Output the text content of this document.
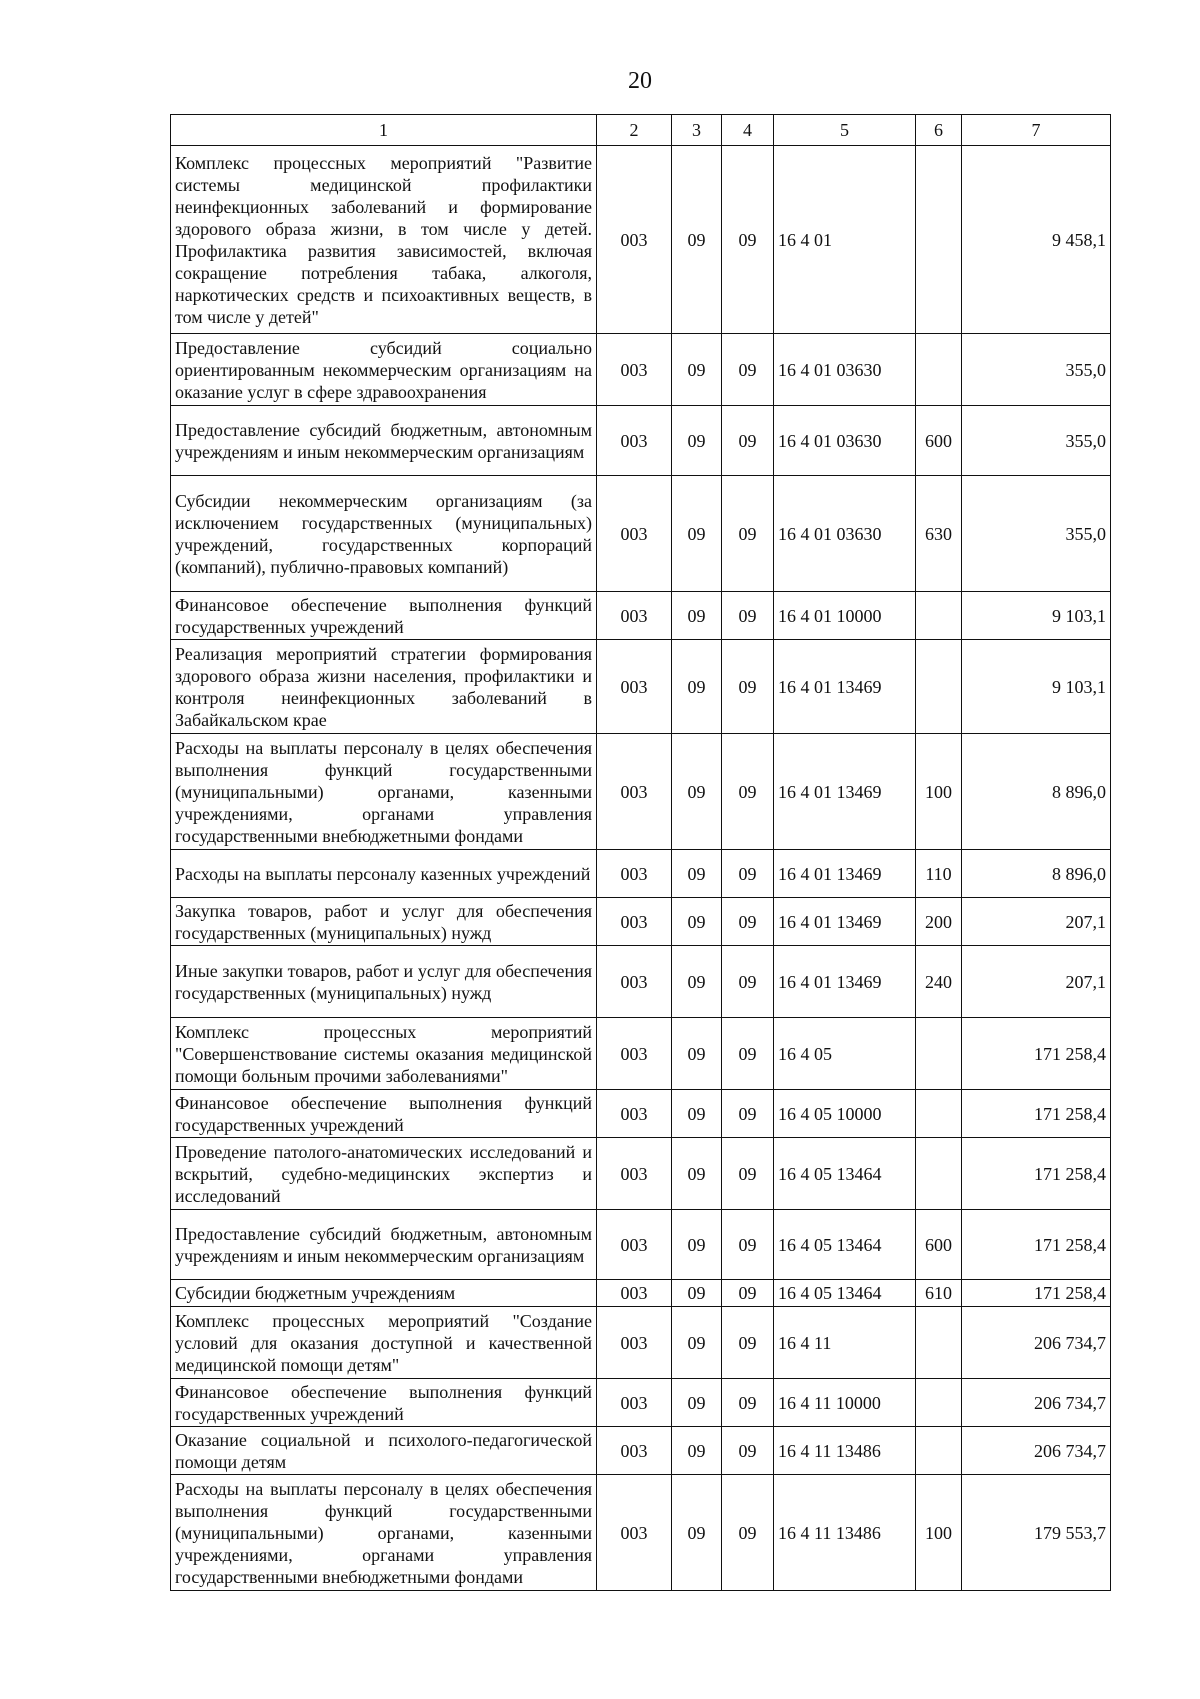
20
1	2	3	4	5	6	7
Комплекс процессных мероприятий "Развитие системы медицинской профилактики неинфекционных заболеваний и формирование здорового образа жизни, в том числе у детей. Профилактика развития зависимостей, включая сокращение потребления табака, алкоголя, наркотических средств и психоактивных веществ, в том числе у детей"	003	09	09	16 4 01		9 458,1
Предоставление субсидий социально ориентированным некоммерческим организациям на оказание услуг в сфере здравоохранения	003	09	09	16 4 01 03630		355,0
Предоставление субсидий бюджетным, автономным учреждениям и иным некоммерческим организациям	003	09	09	16 4 01 03630	600	355,0
Субсидии некоммерческим организациям (за исключением государственных (муниципальных) учреждений, государственных корпораций (компаний), публично-правовых компаний)	003	09	09	16 4 01 03630	630	355,0
Финансовое обеспечение выполнения функций государственных учреждений	003	09	09	16 4 01 10000		9 103,1
Реализация мероприятий стратегии формирования здорового образа жизни населения, профилактики и контроля неинфекционных заболеваний в Забайкальском крае	003	09	09	16 4 01 13469		9 103,1
Расходы на выплаты персоналу в целях обеспечения выполнения функций государственными (муниципальными) органами, казенными учреждениями, органами управления государственными внебюджетными фондами	003	09	09	16 4 01 13469	100	8 896,0
Расходы на выплаты персоналу казенных учреждений	003	09	09	16 4 01 13469	110	8 896,0
Закупка товаров, работ и услуг для обеспечения государственных (муниципальных) нужд	003	09	09	16 4 01 13469	200	207,1
Иные закупки товаров, работ и услуг для обеспечения государственных (муниципальных) нужд	003	09	09	16 4 01 13469	240	207,1
Комплекс процессных мероприятий "Совершенствование системы оказания медицинской помощи больным прочими заболеваниями"	003	09	09	16 4 05		171 258,4
Финансовое обеспечение выполнения функций государственных учреждений	003	09	09	16 4 05 10000		171 258,4
Проведение патолого-анатомических исследований и вскрытий, судебно-медицинских экспертиз и исследований	003	09	09	16 4 05 13464		171 258,4
Предоставление субсидий бюджетным, автономным учреждениям и иным некоммерческим организациям	003	09	09	16 4 05 13464	600	171 258,4
Субсидии бюджетным учреждениям	003	09	09	16 4 05 13464	610	171 258,4
Комплекс процессных мероприятий "Создание условий для оказания доступной и качественной медицинской помощи детям"	003	09	09	16 4 11		206 734,7
Финансовое обеспечение выполнения функций государственных учреждений	003	09	09	16 4 11 10000		206 734,7
Оказание социальной и психолого-педагогической помощи детям	003	09	09	16 4 11 13486		206 734,7
Расходы на выплаты персоналу в целях обеспечения выполнения функций государственными (муниципальными) органами, казенными учреждениями, органами управления государственными внебюджетными фондами	003	09	09	16 4 11 13486	100	179 553,7
